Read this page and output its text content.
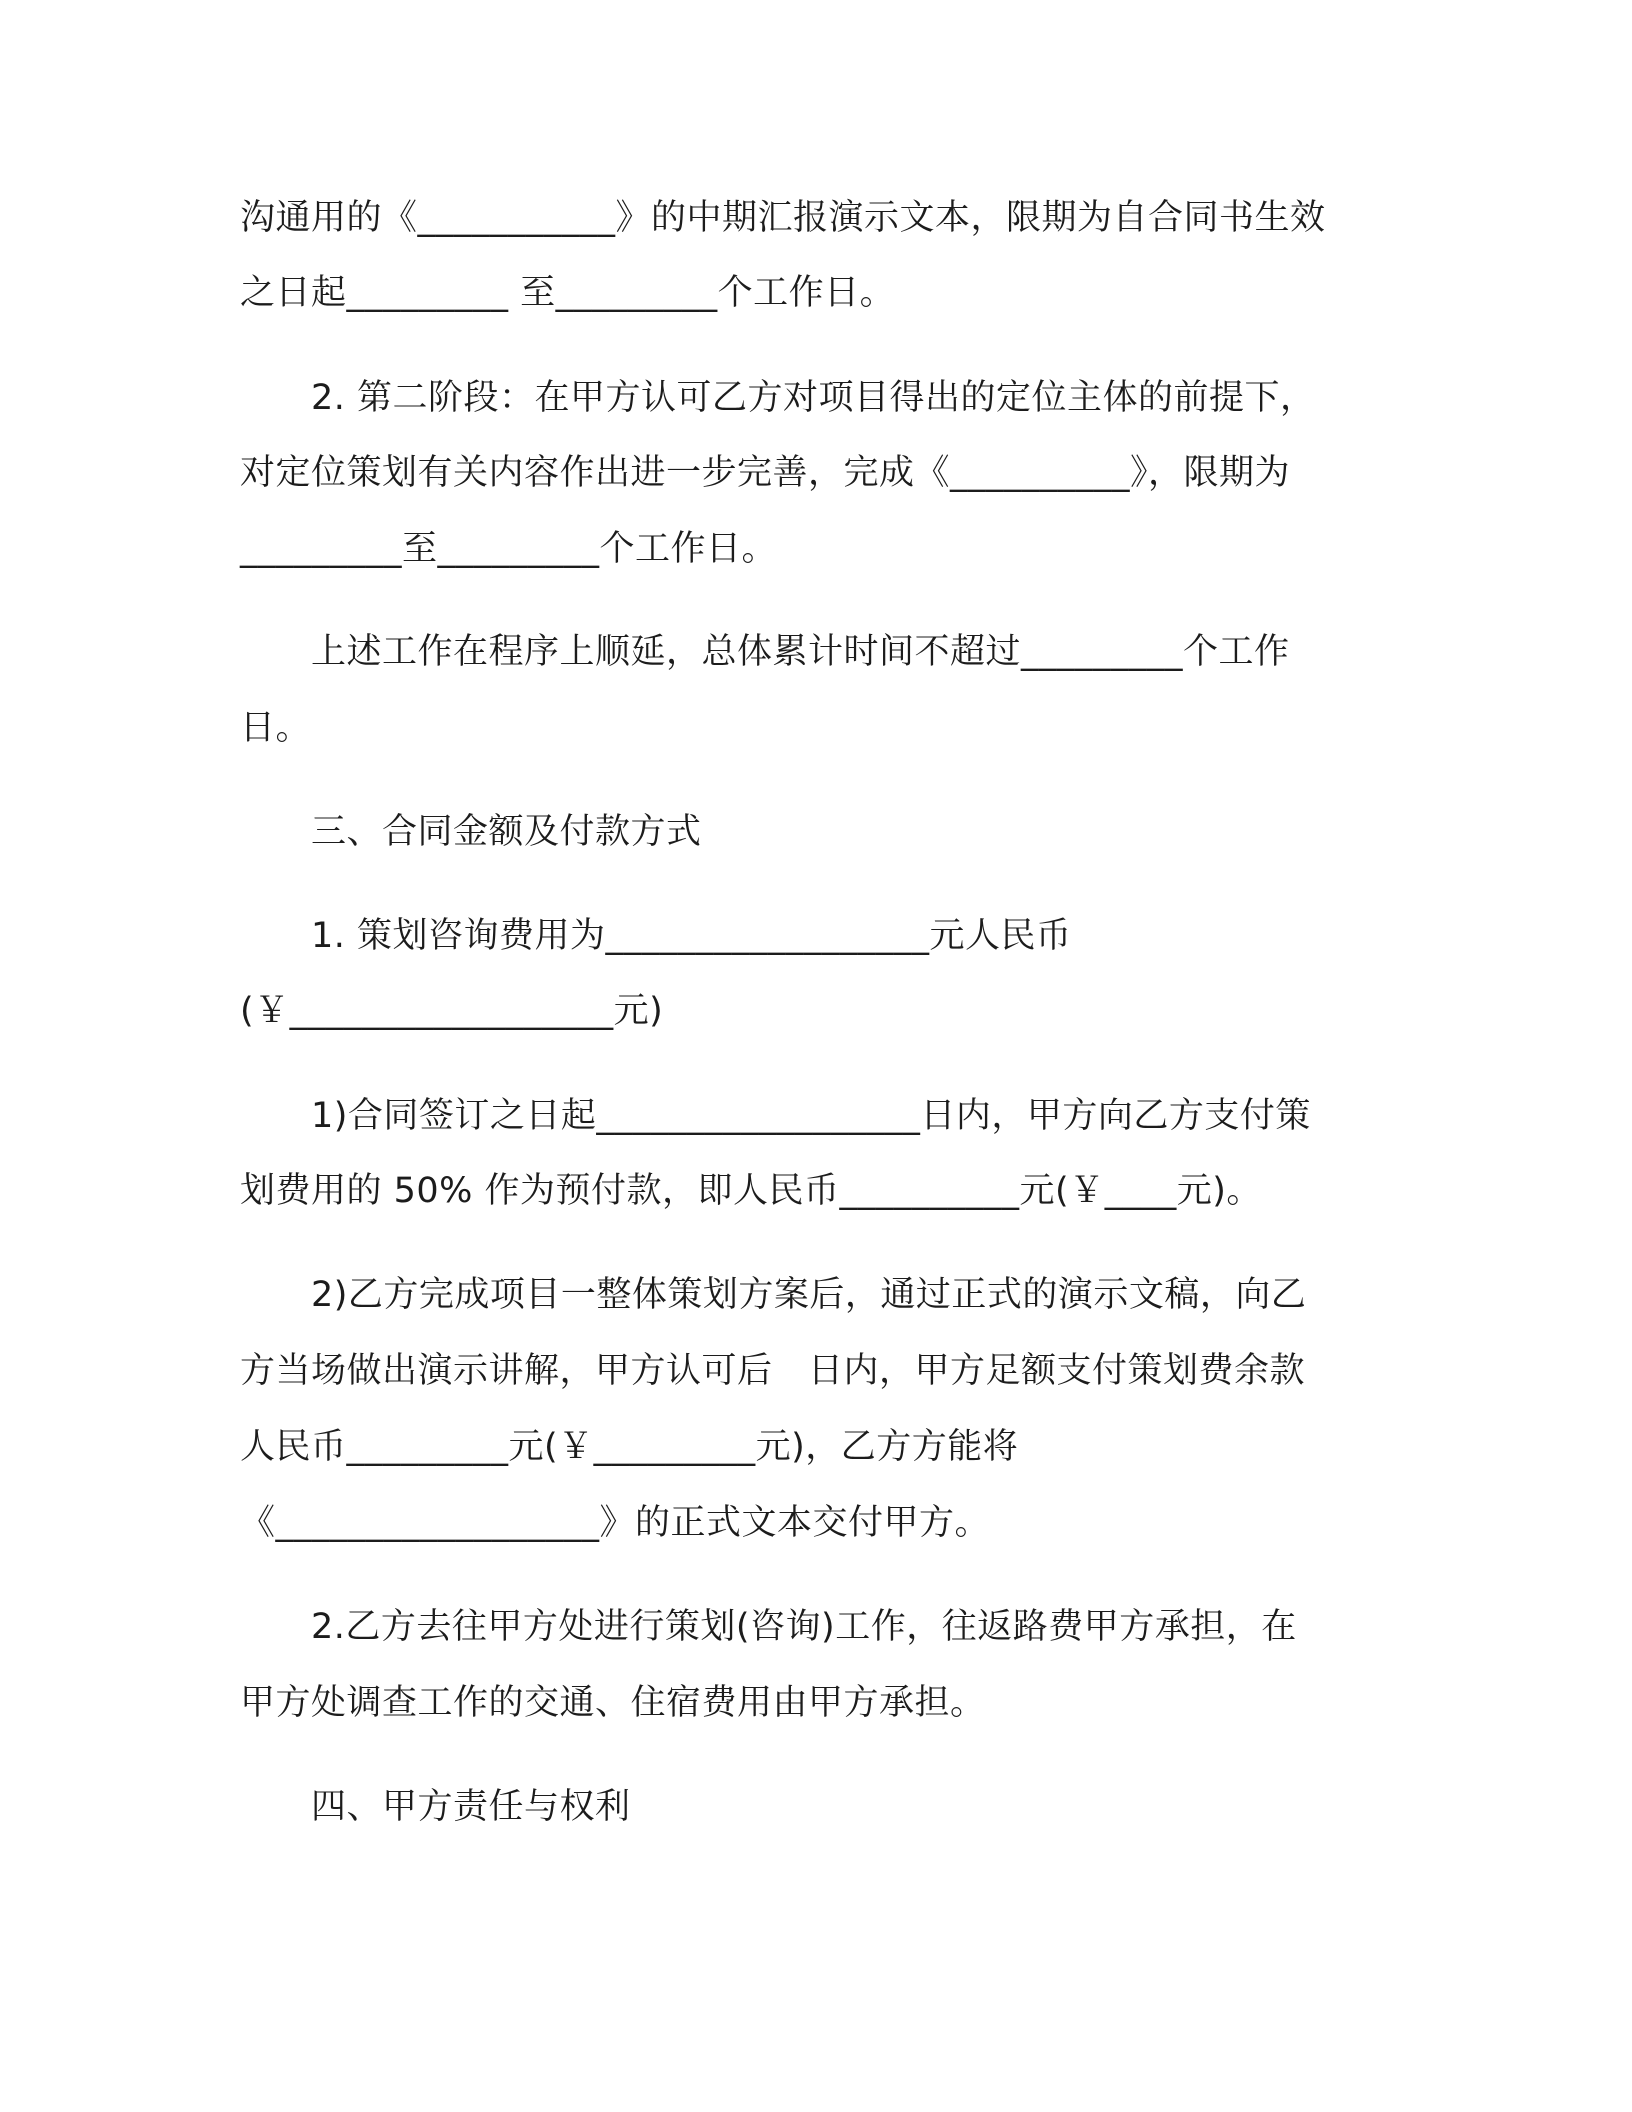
沟通用的《___________》的中期汇报演示文本，限期为自合同书生效
之日起_________ 至_________个工作日。
　　2. 第二阶段：在甲方认可乙方对项目得出的定位主体的前提下，
对定位策划有关内容作出进一步完善，完成《__________》，限期为
_________至_________个工作日。
　　上述工作在程序上顺延，总体累计时间不超过_________个工作
日。
　　三、合同金额及付款方式
　　1. 策划咨询费用为__________________元人民币
(￥__________________元)
　　1)合同签订之日起__________________日内，甲方向乙方支付策
划费用的 50% 作为预付款，即人民币__________元(￥____元)。
　　2)乙方完成项目一整体策划方案后，通过正式的演示文稿，向乙
方当场做出演示讲解，甲方认可后　日内，甲方足额支付策划费余款
人民币_________元(￥_________元)，乙方方能将
《__________________》的正式文本交付甲方。
　　2.乙方去往甲方处进行策划(咨询)工作，往返路费甲方承担，在
甲方处调查工作的交通、住宿费用由甲方承担。
　　四、甲方责任与权利
